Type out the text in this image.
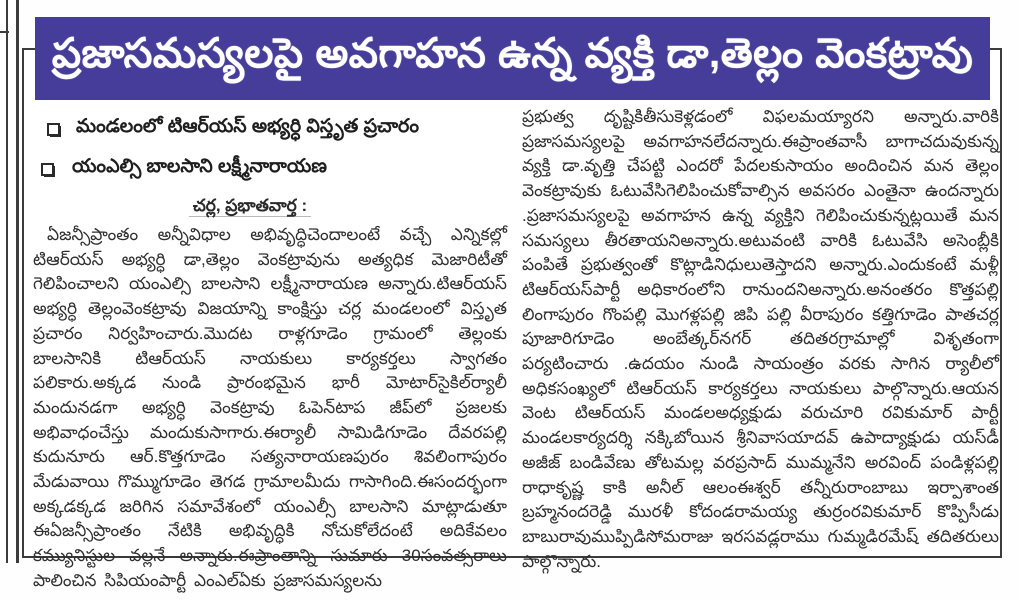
ప్రజాసమస్యలపై అవగాహన ఉన్న వ్యక్తి డా,తెల్లం వెంకట్రావు
మండలంలో టిఆర్‌యస్ అభ్యర్ధి విస్తృత ప్రచారం
యంఎల్సి బాలసాని లక్ష్మీనారాయణ
చర్ల, ప్రభాతవార్త :

ఏజన్సీప్రాంతం అన్నీవిధాల అభివృద్ధిచెందాలంటే వచ్చే ఎన్నికల్లో టిఆర్‌యస్ అభ్యర్ధి డా,తెల్లం వెంకట్రావును అత్యధిక మెజారిటీతో గెలిపించాలని యంఎల్సి బాలసాని లక్ష్మీనారాయణ అన్నారు.టిఆర్‌యస్ అభ్యర్ధి తెల్లంవెంకట్రావు విజయాన్ని కాంక్షిస్తు చర్ల మండలంలో విస్తృత ప్రచారం నిర్వహించారు.మొదట రాళ్లగూడెం గ్రామంలో తెల్లంకు బాలసానికి టిఆర్‌యస్ నాయకులు కార్యకర్తలు స్వాగతం పలికారు.అక్కడ నుండి ప్రారంభమైన భారీ మోటార్‌సైకిల్‌ర్యాలీ మందునడగా అభ్యర్ధి వెంకట్రావు ఓపెన్‌టాప జీప్‌లో ప్రజలకు అభివాధంచేస్తు మందుకుసాగారు.ఈర్యాలీ సామిడిగూడెం దేవరపల్లి కుదునూరు ఆర్.కొత్తగూడెం సత్యనారాయణపురం శివలింగాపురం మేడువాయి గొమ్ముగూడెం తెగడ గ్రామాలమీదు గాసాగింది.ఈసందర్భంగా అక్కడక్కడ జరిగిన సమావేశంలో యంఎల్సీ బాలసాని మాట్లాడుతూ ఈఏజన్సీప్రాంతం నేటికి అభివృద్ధికి నోచుకోలేదంటే అదికేవలం కమ్యునిస్టుల వల్లనే అన్నారు.ఈప్రాంతాన్ని సుమారు 30సంవత్సరాలు పాలించిన సిపియంపార్టీ ఎంఎల్ఏకు ప్రజాసమస్యలను

ప్రభుత్వ దృష్టికితీసుకెళ్లడంలో విఫలమయ్యారని అన్నారు.వారికి ప్రజాసమస్యలపై అవగాహనలేదన్నారు.ఈప్రాంతవాసీ బాగాచదువుకున్న వ్యక్తి డా.వృత్తి చేపట్టి ఎందరో పేదలకుసాయం అందించిన మన తెల్లం వెంకట్రావుకు ఓటువేసిగెలిపించుకోవాల్సిన అవసరం ఎంతైనా ఉందన్నారు .ప్రజాసమస్యలపై అవగాహన ఉన్న వ్యక్తిని గెలిపించుకున్నట్లయితే మన సమస్యలు తీరతాయనిఅన్నారు.అటువంటి వారికి ఓటువేసి అసెంబ్లీకి పంపితే ప్రభుత్వంతో కొట్లాడినిధులుతెస్తాదని అన్నారు.ఎందుకంటే మళ్లీ టిఆర్‌యస్‌పార్టీ అధికారంలోని రానుందనిఅన్నారు.అనంతరం కొత్తపల్లి లింగాపురం గొంపల్లి మొగళ్లపల్లి జిపి పల్లి వీరాపురం కత్తిగూడెం పాతచర్ల పూజారిగూడెం అంబేత్కర్‌నగర్ తదితరగ్రామాల్లో విశృతంగా పర్యటించారు .ఉదయం నుండి సాయంత్రం వరకు సాగిన ర్యాలీలో అధికసంఖ్యలో టిఆర్‌యస్ కార్యకర్తలు నాయకులు పాల్గొన్నారు.ఆయన వెంట టిఆర్‌యస్ మండలఅధ్యక్షుడు వరుచూరి రవికుమార్ పార్టీ మండలకార్యదర్శి నక్కిబోయిన శ్రీనివాసయాదవ్ ఉపాద్యాక్షుడు యస్‌డీ అజీజ్ బండివేణు తోటమల్ల వరప్రసాద్ ముమ్మనేని అరవింద్ పండిళ్లపల్లి రాధాకృష్ణ కాకి అనీల్ ఆలంఈశ్వర్ తన్నీరురాంబాబు ఇర్పాశాంత బ్రహ్మనందరెడ్డి మురళీ కోదండరామయ్య తుర్రంరవికుమార్ కొప్పిసీడు బాబురావుముప్పిడిసోమరాజు ఇరసవడ్లరాము గుమ్మడిరమేష్ తదితరులు పాల్గొన్నారు.
